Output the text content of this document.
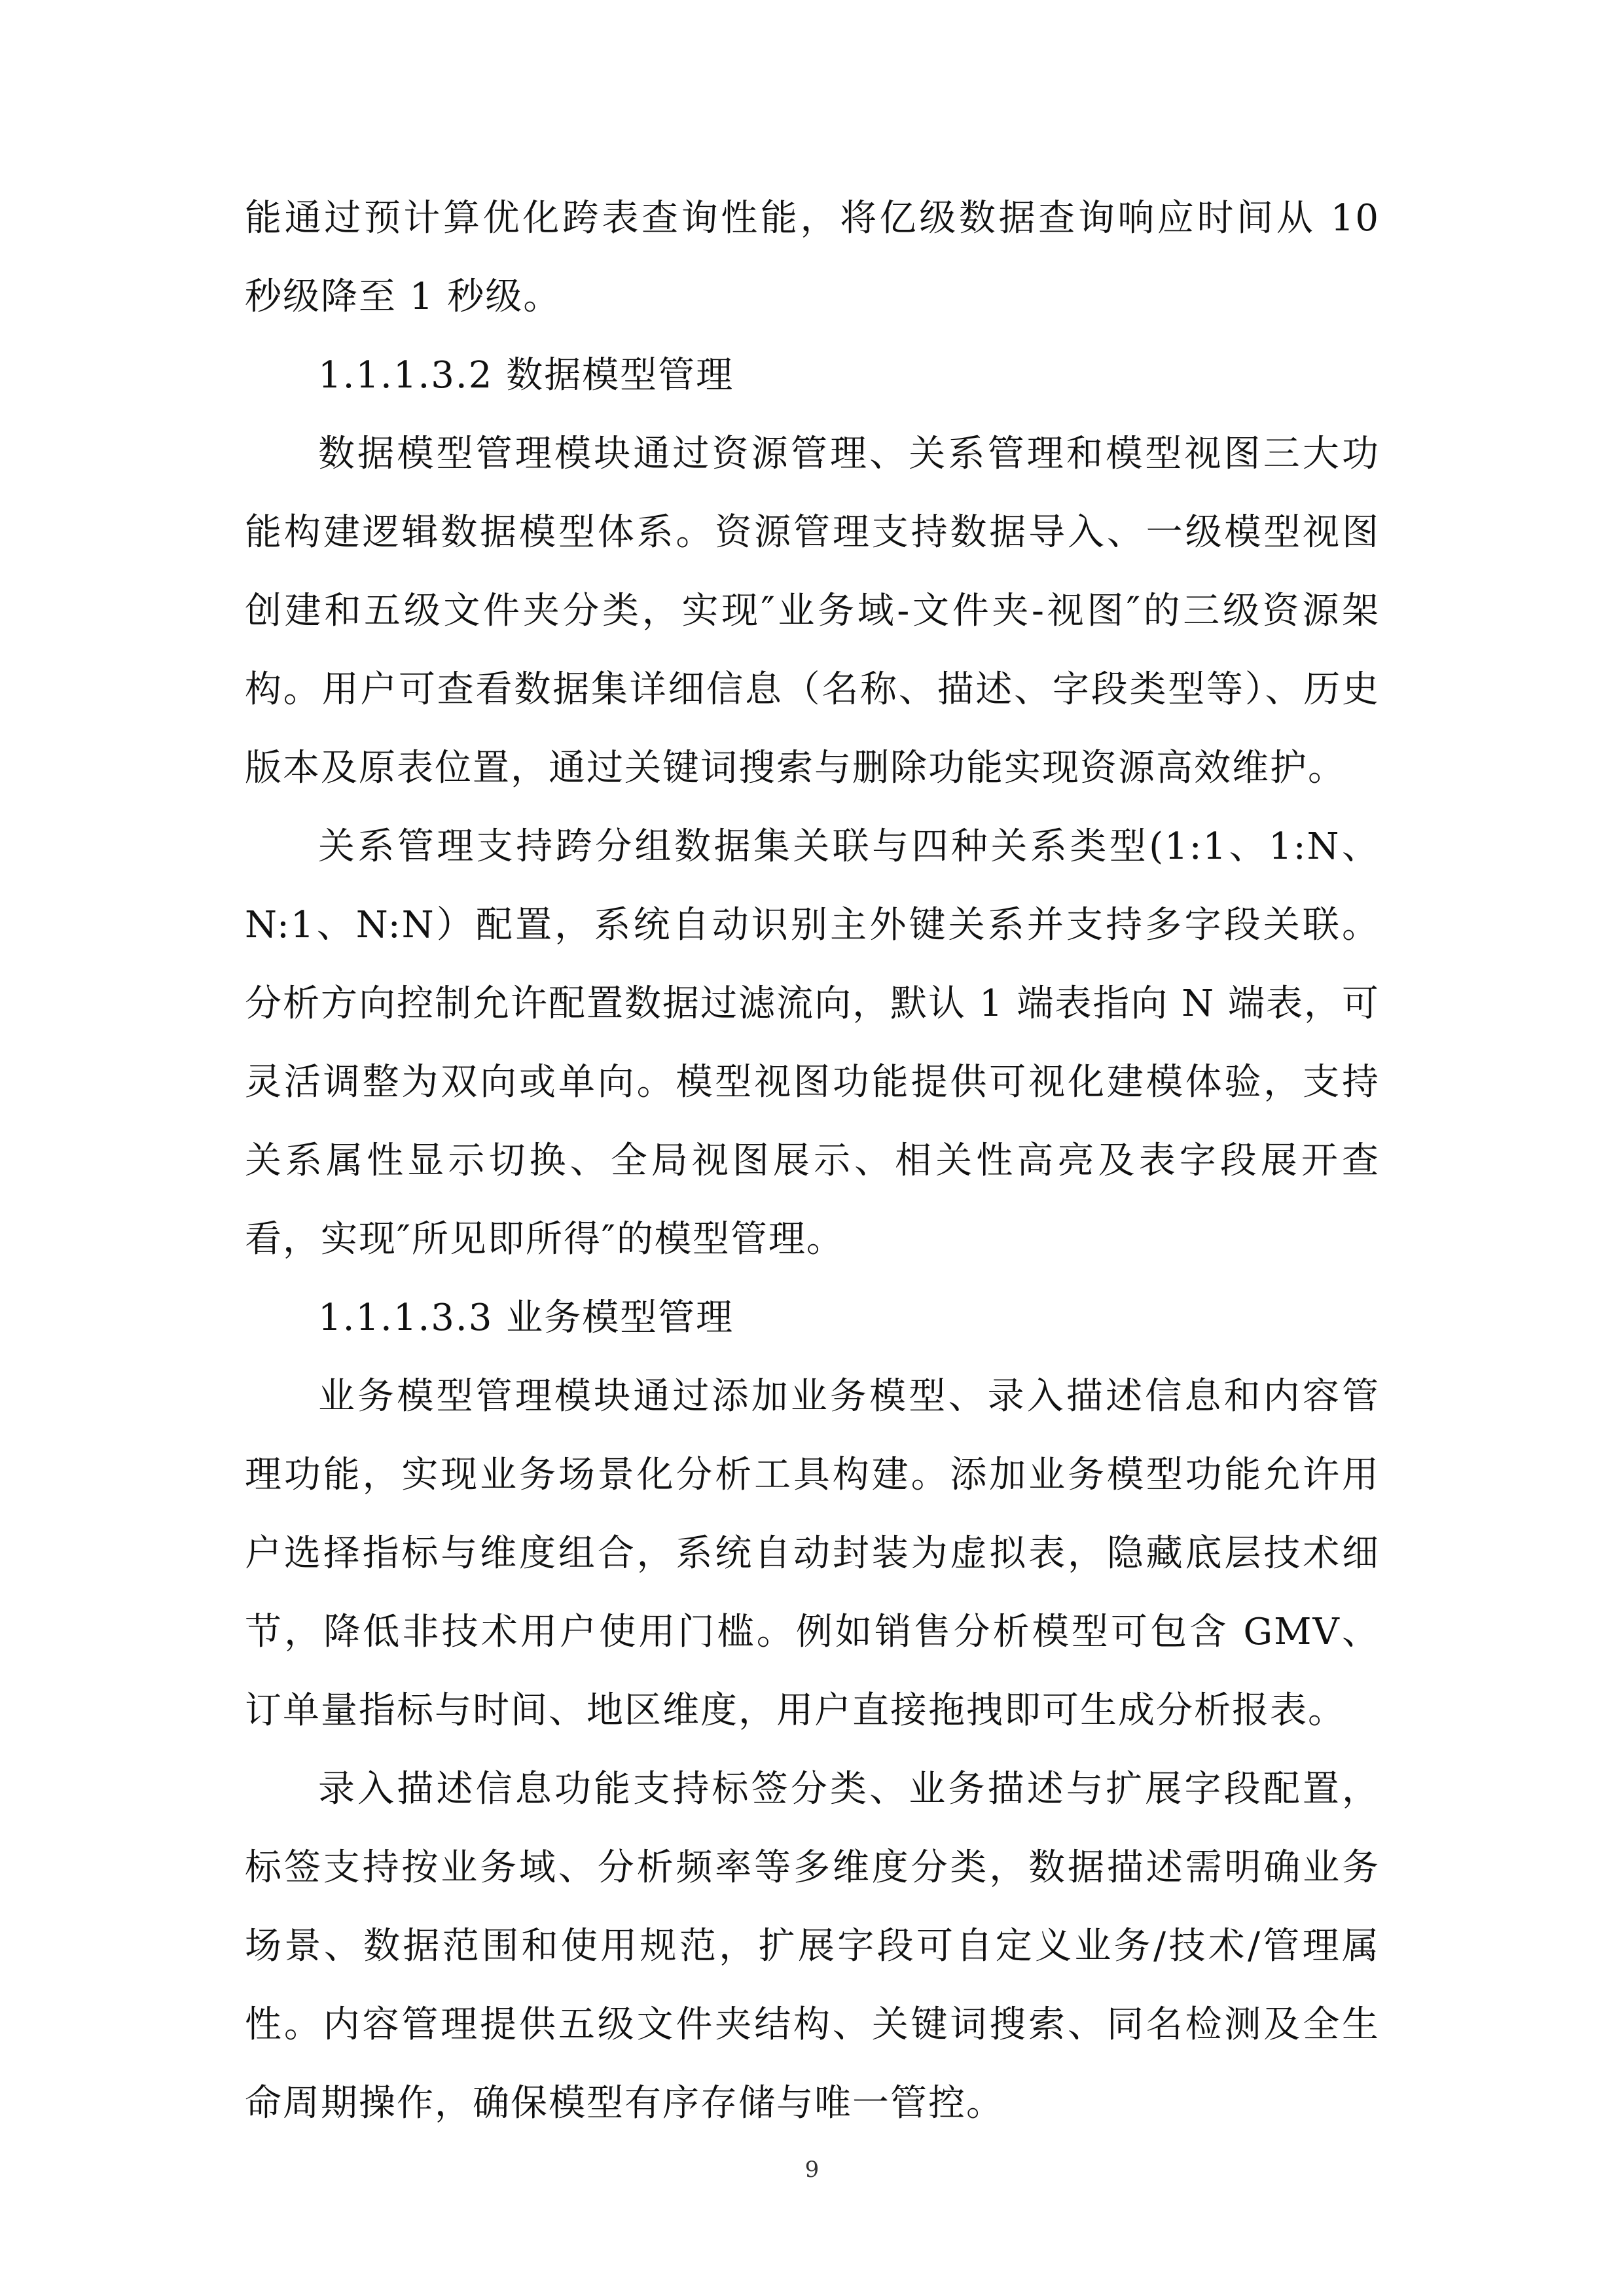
能通过预计算优化跨表查询性能，将亿级数据查询响应时间从 10 秒级降至 1 秒级。

1.1.1.3.2 数据模型管理

数据模型管理模块通过资源管理、关系管理和模型视图三大功能构建逻辑数据模型体系。资源管理支持数据导入、一级模型视图创建和五级文件夹分类，实现″业务域-文件夹-视图″的三级资源架构。用户可查看数据集详细信息（名称、描述、字段类型等）、历史版本及原表位置，通过关键词搜索与删除功能实现资源高效维护。

关系管理支持跨分组数据集关联与四种关系类型(1:1、1:N、N:1、N:N）配置，系统自动识别主外键关系并支持多字段关联。分析方向控制允许配置数据过滤流向，默认 1 端表指向 N 端表，可灵活调整为双向或单向。模型视图功能提供可视化建模体验，支持关系属性显示切换、全局视图展示、相关性高亮及表字段展开查看，实现″所见即所得″的模型管理。

1.1.1.3.3 业务模型管理

业务模型管理模块通过添加业务模型、录入描述信息和内容管理功能，实现业务场景化分析工具构建。添加业务模型功能允许用户选择指标与维度组合，系统自动封装为虚拟表，隐藏底层技术细节，降低非技术用户使用门槛。例如销售分析模型可包含 GMV、订单量指标与时间、地区维度，用户直接拖拽即可生成分析报表。

录入描述信息功能支持标签分类、业务描述与扩展字段配置，标签支持按业务域、分析频率等多维度分类，数据描述需明确业务场景、数据范围和使用规范，扩展字段可自定义业务/技术/管理属性。内容管理提供五级文件夹结构、关键词搜索、同名检测及全生命周期操作，确保模型有序存储与唯一管控。

9
